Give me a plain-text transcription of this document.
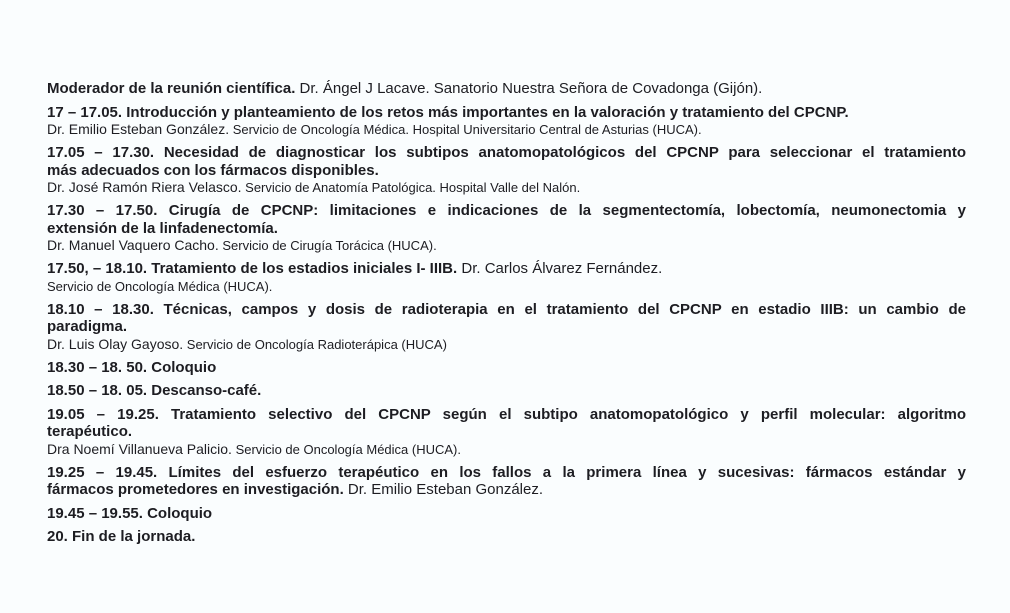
Moderador de la reunión científica. Dr. Ángel J Lacave. Sanatorio Nuestra Señora de Covadonga (Gijón).
17 – 17.05. Introducción y planteamiento de los retos más importantes en la valoración y tratamiento del CPCNP.
Dr. Emilio Esteban González. Servicio de Oncología Médica. Hospital Universitario Central de Asturias (HUCA).
17.05 – 17.30. Necesidad de diagnosticar los subtipos anatomopatológicos del CPCNP para seleccionar el tratamiento
más adecuados con los fármacos disponibles.
Dr. José Ramón Riera Velasco. Servicio de Anatomía Patológica. Hospital Valle del Nalón.
17.30 – 17.50. Cirugía de CPCNP: limitaciones e indicaciones de la segmentectomía, lobectomía, neumonectomia y
extensión de la linfadenectomía.
Dr. Manuel Vaquero Cacho. Servicio de Cirugía Torácica (HUCA).
17.50, – 18.10. Tratamiento de los estadios iniciales I- IIIB. Dr. Carlos Álvarez Fernández.
Servicio de Oncología Médica (HUCA).
18.10 – 18.30. Técnicas, campos y dosis de radioterapia en el tratamiento del CPCNP en estadio IIIB: un cambio de
paradigma.
Dr. Luis Olay Gayoso. Servicio de Oncología Radioterápica (HUCA)
18.30 – 18. 50. Coloquio
18.50 – 18. 05. Descanso-café.
19.05 – 19.25. Tratamiento selectivo del CPCNP según el subtipo anatomopatológico y perfil molecular: algoritmo
terapéutico.
Dra Noemí Villanueva Palicio. Servicio de Oncología Médica (HUCA).
19.25 – 19.45. Límites del esfuerzo terapéutico en los fallos a la primera línea y sucesivas: fármacos estándar y
fármacos prometedores en investigación. Dr. Emilio Esteban González.
19.45 – 19.55. Coloquio
20. Fin de la jornada.
